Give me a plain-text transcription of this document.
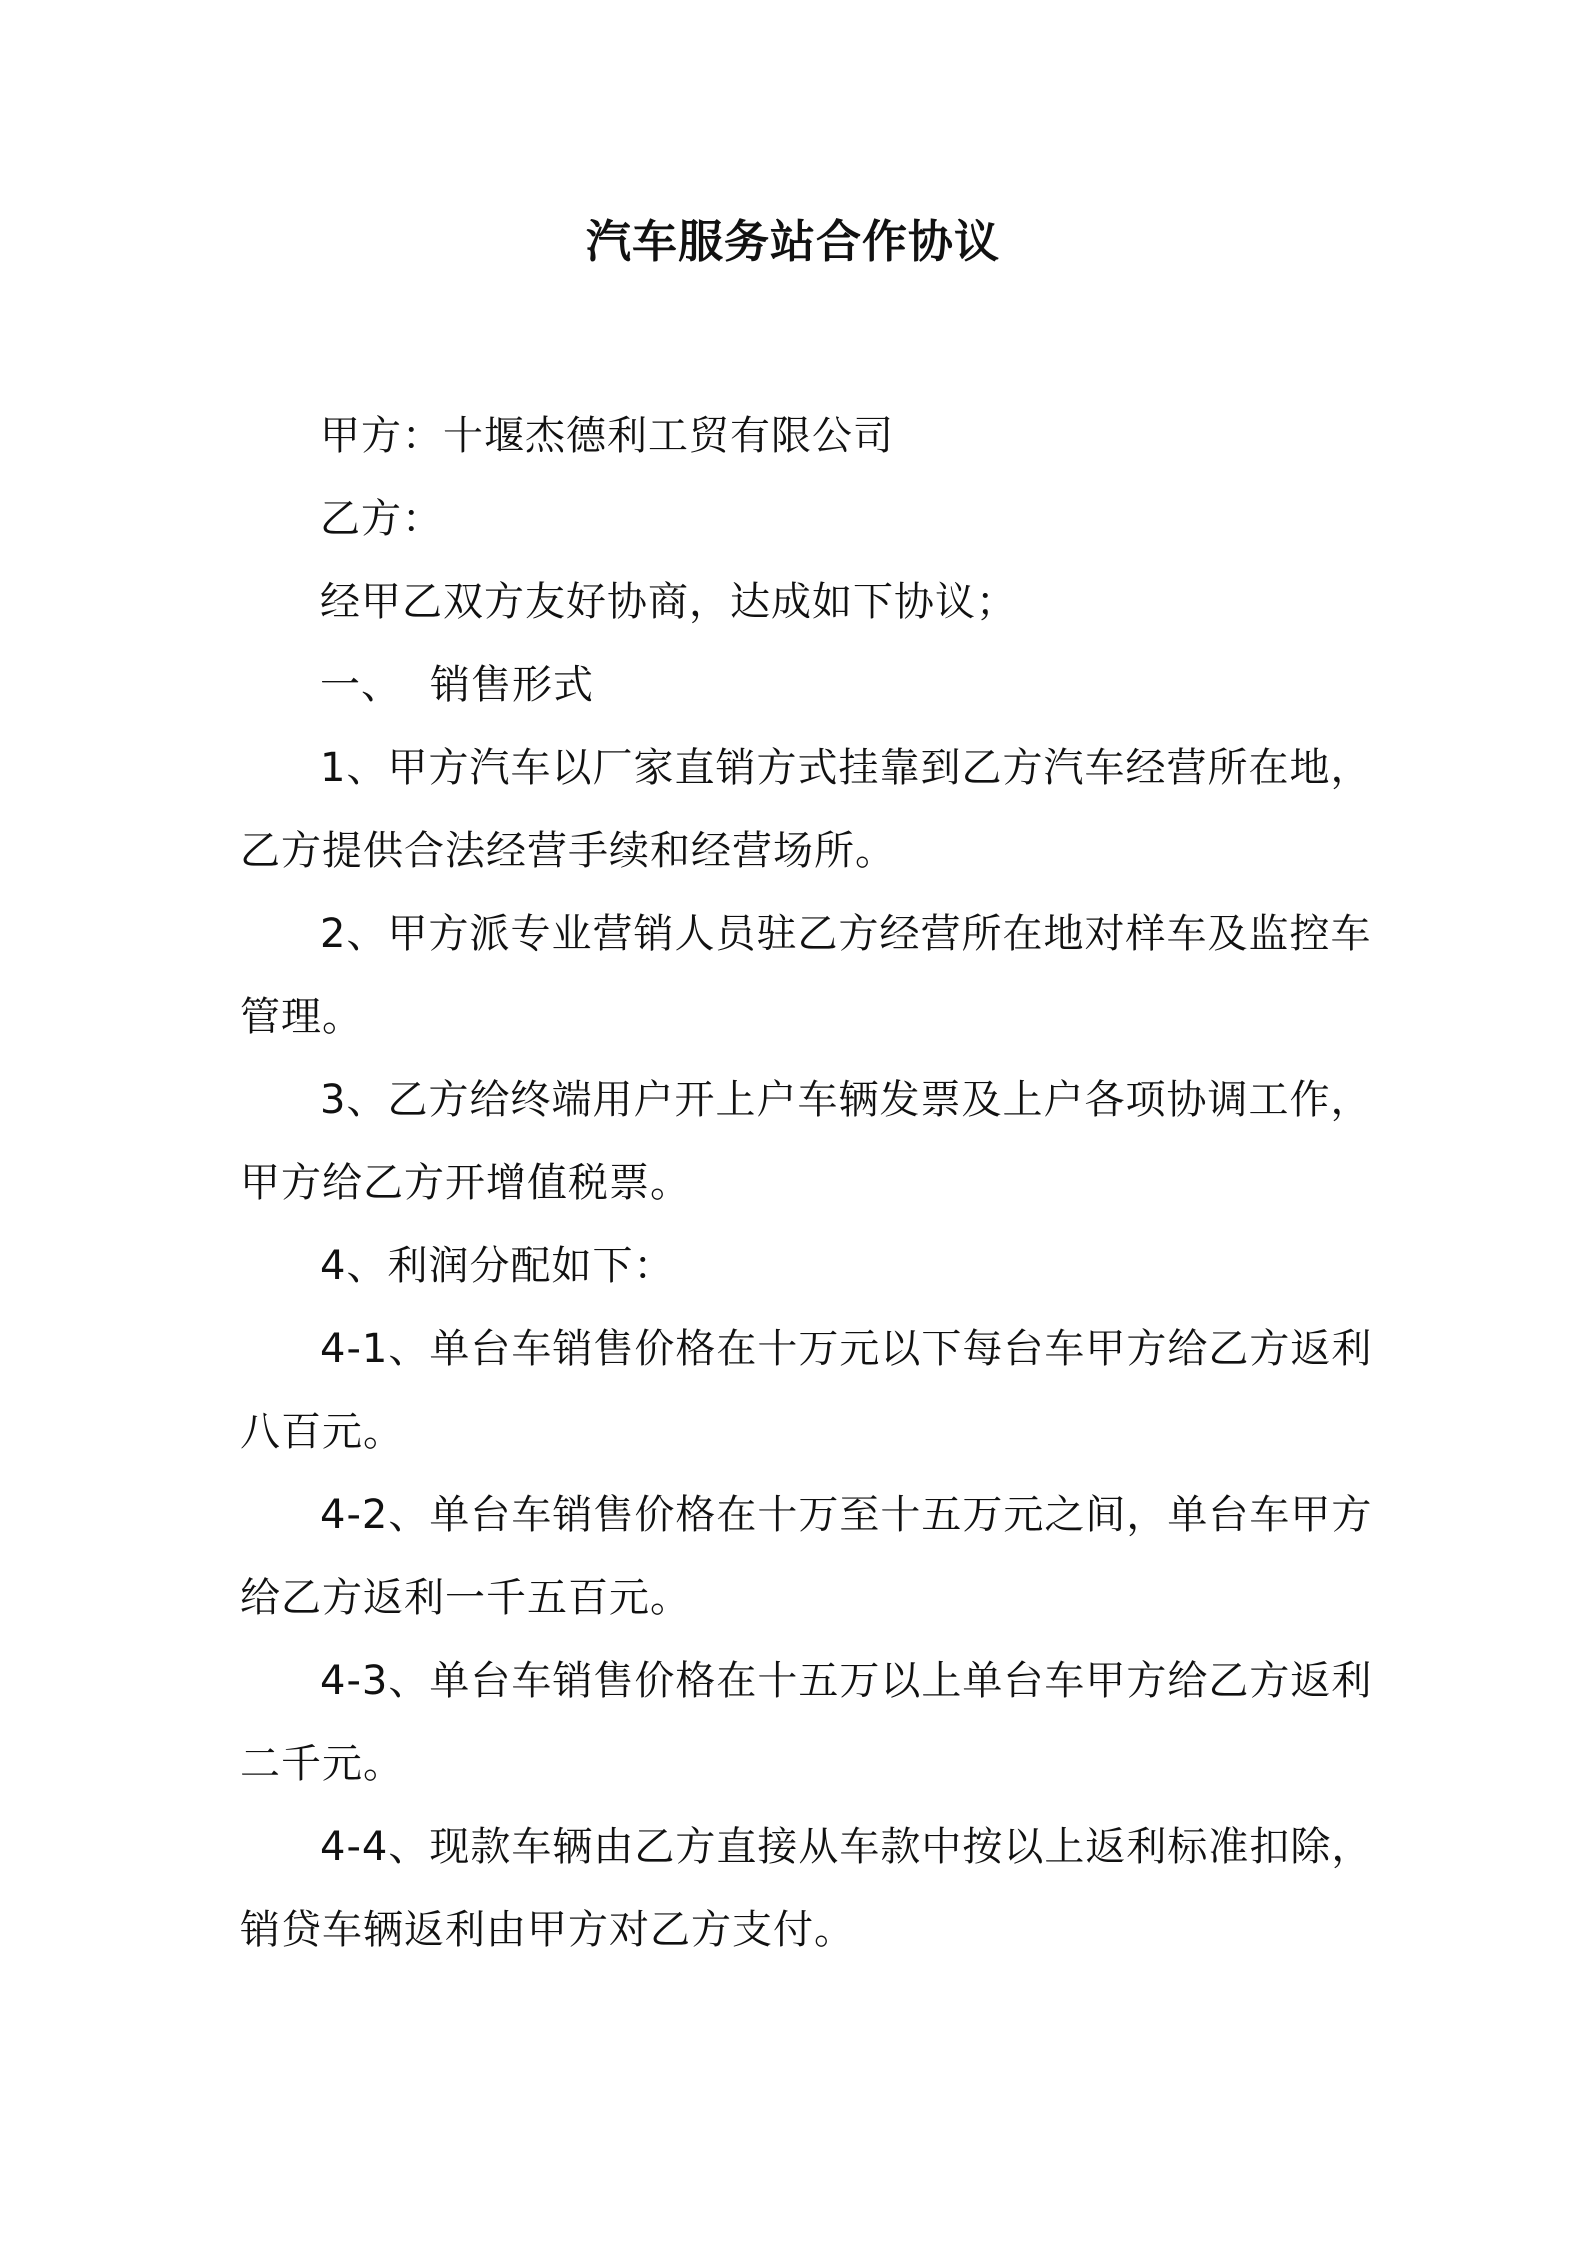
汽车服务站合作协议
甲方：十堰杰德利工贸有限公司
乙方：
经甲乙双方友好协商，达成如下协议；
一、 销售形式
1、甲方汽车以厂家直销方式挂靠到乙方汽车经营所在地，
乙方提供合法经营手续和经营场所。
2、甲方派专业营销人员驻乙方经营所在地对样车及监控车
管理。
3、乙方给终端用户开上户车辆发票及上户各项协调工作，
甲方给乙方开增值税票。
4、利润分配如下：
4-1、单台车销售价格在十万元以下每台车甲方给乙方返利
八百元。
4-2、单台车销售价格在十万至十五万元之间，单台车甲方
给乙方返利一千五百元。
4-3、单台车销售价格在十五万以上单台车甲方给乙方返利
二千元。
4-4、现款车辆由乙方直接从车款中按以上返利标准扣除，
销贷车辆返利由甲方对乙方支付。
